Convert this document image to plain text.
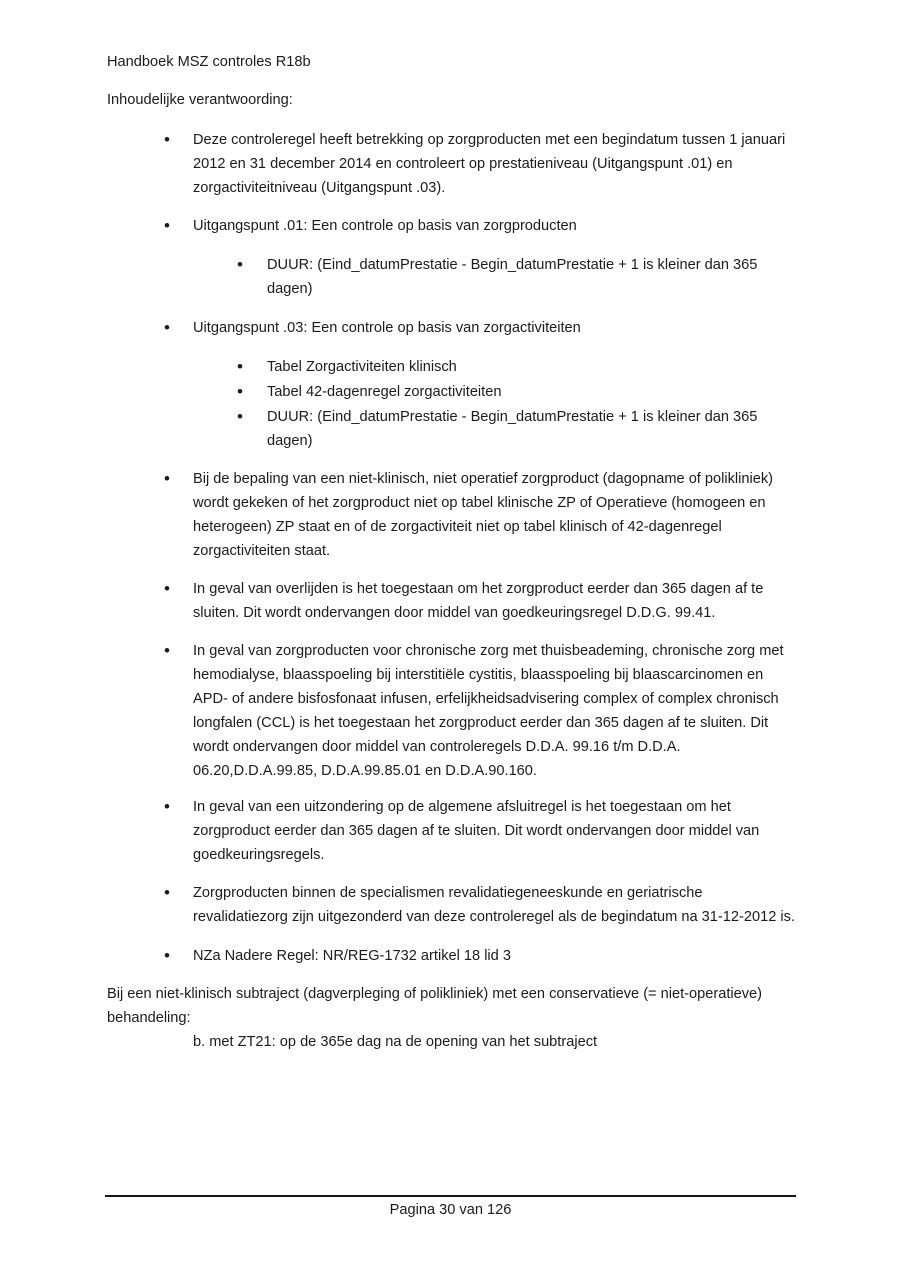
Handboek MSZ controles R18b

Inhoudelijke verantwoording:

• Deze controleregel heeft betrekking op zorgproducten met een begindatum tussen 1 januari 2012 en 31 december 2014 en controleert op prestatieniveau (Uitgangspunt .01) en zorgactiviteitniveau (Uitgangspunt .03).
• Uitgangspunt .01: Een controle op basis van zorgproducten
• DUUR: (Eind_datumPrestatie - Begin_datumPrestatie + 1 is kleiner dan 365 dagen)
• Uitgangspunt .03: Een controle op basis van zorgactiviteiten
• Tabel Zorgactiviteiten klinisch
• Tabel 42-dagenregel zorgactiviteiten
• DUUR: (Eind_datumPrestatie - Begin_datumPrestatie + 1 is kleiner dan 365 dagen)
• Bij de bepaling van een niet-klinisch, niet operatief zorgproduct (dagopname of polikliniek) wordt gekeken of het zorgproduct niet op tabel klinische ZP of Operatieve (homogeen en heterogeen) ZP staat en of de zorgactiviteit niet op tabel klinisch of 42-dagenregel zorgactiviteiten staat.
• In geval van overlijden is het toegestaan om het zorgproduct eerder dan 365 dagen af te sluiten. Dit wordt ondervangen door middel van goedkeuringsregel D.D.G. 99.41.
• In geval van zorgproducten voor chronische zorg met thuisbeademing, chronische zorg met hemodialyse, blaasspoeling bij interstitiële cystitis, blaasspoeling bij blaascarcinomen en APD- of andere bisfosfonaat infusen, erfelijkheidsadvisering complex of complex chronisch longfalen (CCL) is het toegestaan het zorgproduct eerder dan 365 dagen af te sluiten. Dit wordt ondervangen door middel van controleregels D.D.A. 99.16 t/m D.D.A. 06.20,D.D.A.99.85, D.D.A.99.85.01 en D.D.A.90.160.
• In geval van een uitzondering op de algemene afsluitregel is het toegestaan om het zorgproduct eerder dan 365 dagen af te sluiten. Dit wordt ondervangen door middel van goedkeuringsregels.
• Zorgproducten binnen de specialismen revalidatiegeneeskunde en geriatrische revalidatiezorg zijn uitgezonderd van deze controleregel als de begindatum na 31-12-2012 is.
• NZa Nadere Regel: NR/REG-1732 artikel 18 lid 3

Bij een niet-klinisch subtraject (dagverpleging of polikliniek) met een conservatieve (= niet-operatieve) behandeling:

b. met ZT21: op de 365e dag na de opening van het subtraject

Pagina 30 van 126
